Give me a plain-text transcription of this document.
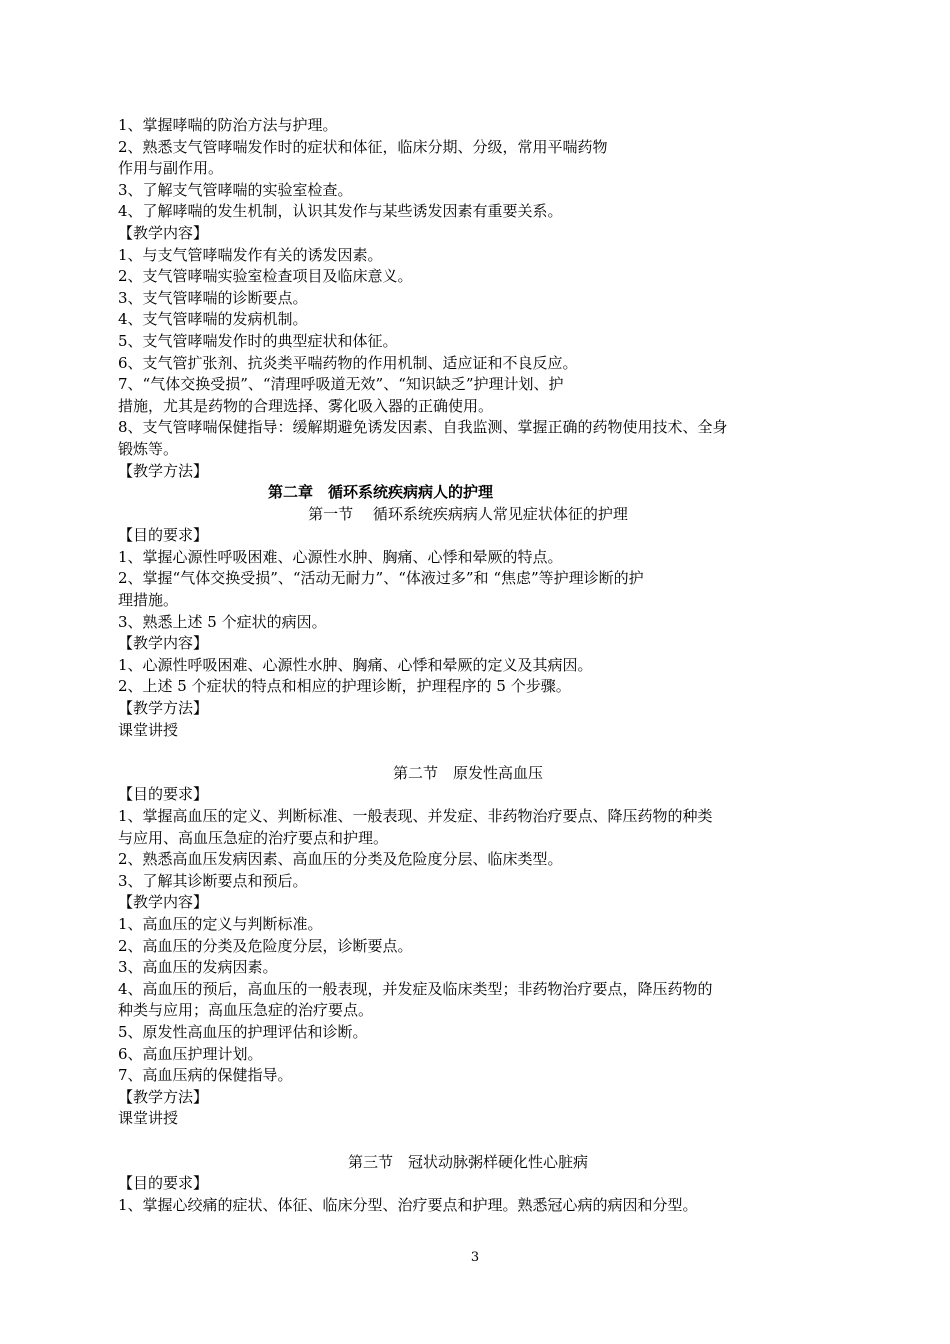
1、掌握哮喘的防治方法与护理。
2、熟悉支气管哮喘发作时的症状和体征，临床分期、分级，常用平喘药物
作用与副作用。
3、了解支气管哮喘的实验室检查。
4、了解哮喘的发生机制，认识其发作与某些诱发因素有重要关系。
【教学内容】
1、与支气管哮喘发作有关的诱发因素。
2、支气管哮喘实验室检查项目及临床意义。
3、支气管哮喘的诊断要点。
4、支气管哮喘的发病机制。
5、支气管哮喘发作时的典型症状和体征。
6、支气管扩张剂、抗炎类平喘药物的作用机制、适应证和不良反应。
7、“气体交换受损”、“清理呼吸道无效”、“知识缺乏”护理计划、护
措施，尤其是药物的合理选择、雾化吸入器的正确使用。
8、支气管哮喘保健指导：缓解期避免诱发因素、自我监测、掌握正确的药物使用技术、全身
锻炼等。
【教学方法】
第二章　循环系统疾病病人的护理
第一节　 循环系统疾病病人常见症状体征的护理
【目的要求】
1、掌握心源性呼吸困难、心源性水肿、胸痛、心悸和晕厥的特点。
2、掌握“气体交换受损”、“活动无耐力”、“体液过多”和 “焦虑”等护理诊断的护
理措施。
3、熟悉上述 5 个症状的病因。
【教学内容】
1、心源性呼吸困难、心源性水肿、胸痛、心悸和晕厥的定义及其病因。
2、上述 5 个症状的特点和相应的护理诊断，护理程序的 5 个步骤。
【教学方法】
课堂讲授
第二节　原发性高血压
【目的要求】
1、掌握高血压的定义、判断标准、一般表现、并发症、非药物治疗要点、降压药物的种类
与应用、高血压急症的治疗要点和护理。
2、熟悉高血压发病因素、高血压的分类及危险度分层、临床类型。
3、了解其诊断要点和预后。
【教学内容】
1、高血压的定义与判断标准。
2、高血压的分类及危险度分层，诊断要点。
3、高血压的发病因素。
4、高血压的预后，高血压的一般表现，并发症及临床类型；非药物治疗要点，降压药物的
种类与应用；高血压急症的治疗要点。
5、原发性高血压的护理评估和诊断。
6、高血压护理计划。
7、高血压病的保健指导。
【教学方法】
课堂讲授
第三节　冠状动脉粥样硬化性心脏病
【目的要求】
1、掌握心绞痛的症状、体征、临床分型、治疗要点和护理。熟悉冠心病的病因和分型。
3
